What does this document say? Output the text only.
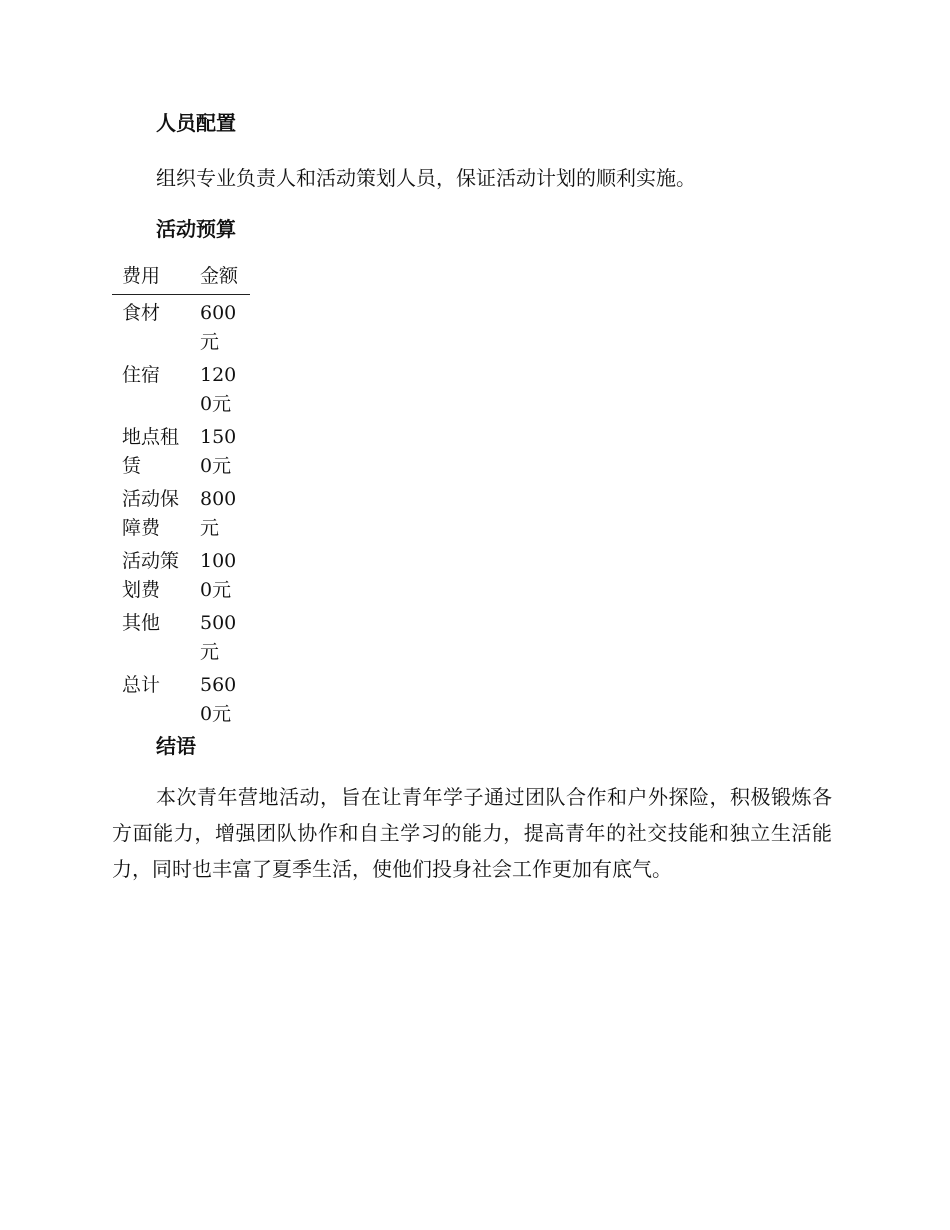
人员配置

组织专业负责人和活动策划人员，保证活动计划的顺利实施。

活动预算
费用	金额

食材	600元

住宿	1200元

地点租赁	1500元

活动保障费	800元

活动策划费	1000元

其他	500元

总计	5600元
结语

本次青年营地活动，旨在让青年学子通过团队合作和户外探险，积极锻炼各方面能力，增强团队协作和自主学习的能力，提高青年的社交技能和独立生活能力，同时也丰富了夏季生活，使他们投身社会工作更加有底气。
